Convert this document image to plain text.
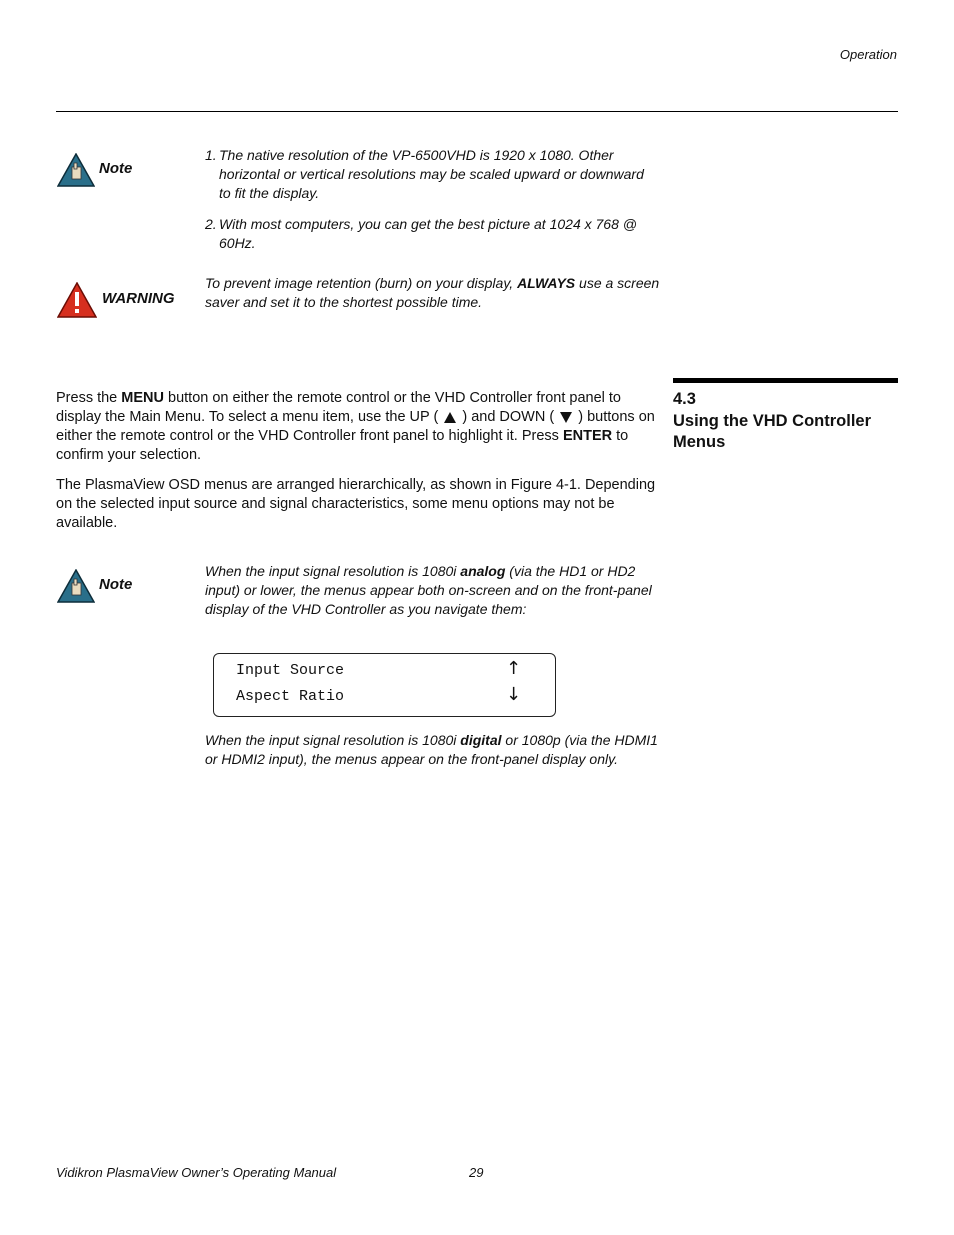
Operation
Note
1. The native resolution of the VP-6500VHD is 1920 x 1080. Other horizontal or vertical resolutions may be scaled upward or downward to fit the display.
2. With most computers, you can get the best picture at 1024 x 768 @ 60Hz.
WARNING
To prevent image retention (burn) on your display, ALWAYS use a screen saver and set it to the shortest possible time.
4.3
Using the VHD Controller Menus

Press the MENU button on either the remote control or the VHD Controller front panel to display the Main Menu. To select a menu item, use the UP (  ) and DOWN (  ) buttons on either the remote control or the VHD Controller front panel to highlight it. Press ENTER to confirm your selection.

The PlasmaView OSD menus are arranged hierarchically, as shown in Figure 4-1. Depending on the selected input source and signal characteristics, some menu options may not be available.

Note
When the input signal resolution is 1080i analog (via the HD1 or HD2 input) or lower, the menus appear both on-screen and on the front-panel display of the VHD Controller as you navigate them:
Input Source
Aspect Ratio
↑
↓
When the input signal resolution is 1080i digital or 1080p (via the HDMI1 or HDMI2 input), the menus appear on the front-panel display only.
Vidikron PlasmaView Owner’s Operating Manual	29
